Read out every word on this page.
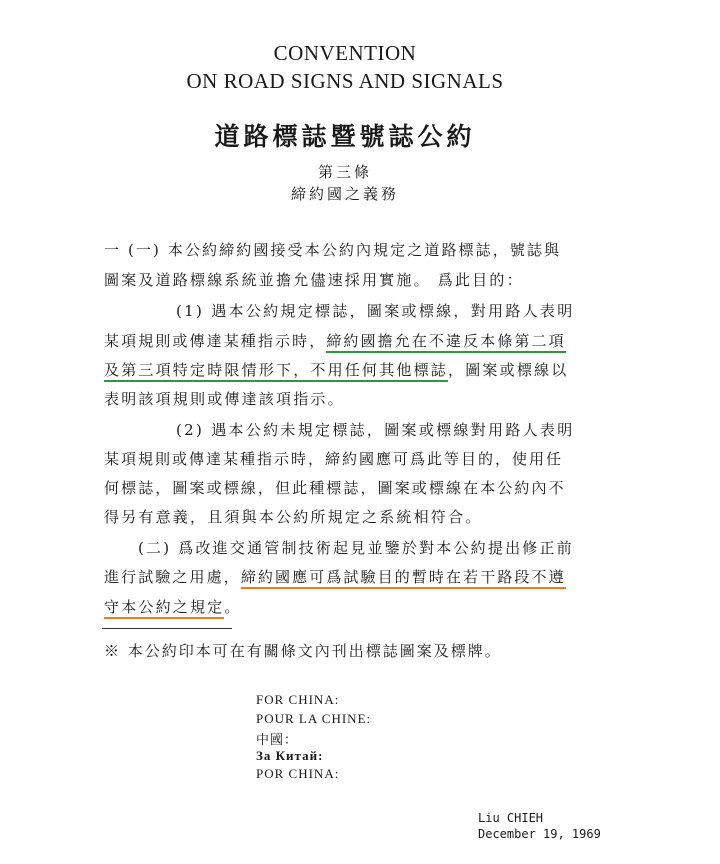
CONVENTION
ON ROAD SIGNS AND SIGNALS
道路標誌暨號誌公約
第三條
締約國之義務
一 (一) 本公約締約國接受本公約內規定之道路標誌，號誌與
圖案及道路標線系統並擔允儘速採用實施。 爲此目的：
(1) 遇本公約規定標誌，圖案或標線，對用路人表明
某項規則或傳達某種指示時，締約國擔允在不違反本條第二項
及第三項特定時限情形下，不用任何其他標誌，圖案或標線以
表明該項規則或傳達該項指示。
(2) 遇本公約未規定標誌，圖案或標線對用路人表明
某項規則或傳達某種指示時，締約國應可爲此等目的，使用任
何標誌，圖案或標線，但此種標誌，圖案或標線在本公約內不
得另有意義，且須與本公約所規定之系統相符合。
(二) 爲改進交通管制技術起見並鑒於對本公約提出修正前
進行試驗之用處，締約國應可爲試驗目的暫時在若干路段不遵
守本公約之規定。
※ 本公約印本可在有關條文內刊出標誌圖案及標牌。
FOR CHINA:
POUR LA CHINE:
中國：
За Китай:
POR CHINA:
Liu CHIEH
December 19, 1969
